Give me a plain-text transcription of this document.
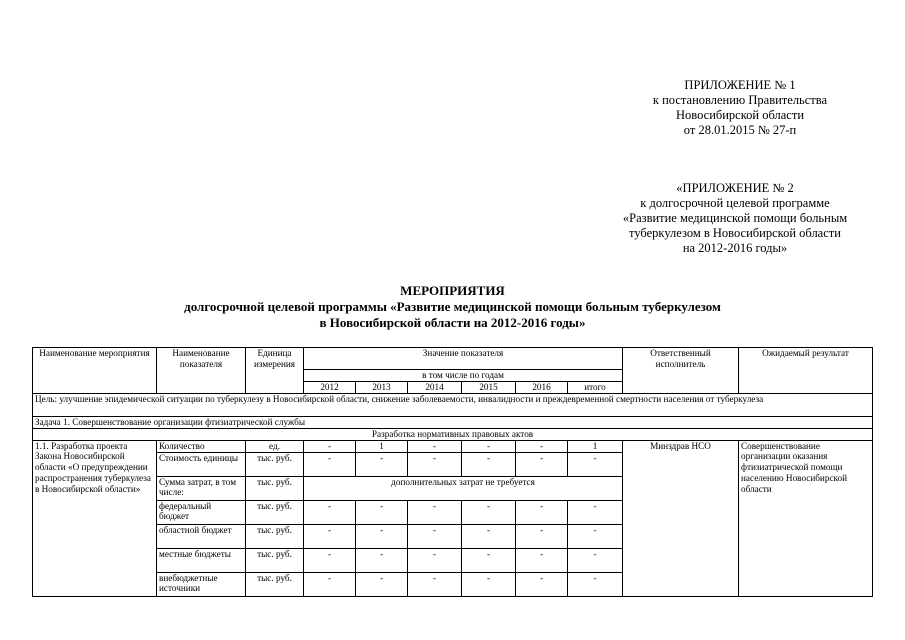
ПРИЛОЖЕНИЕ № 1
к постановлению Правительства
Новосибирской области
от 28.01.2015 № 27-п
«ПРИЛОЖЕНИЕ № 2
к долгосрочной целевой программе
«Развитие медицинской помощи больным
туберкулезом в Новосибирской области
на 2012-2016 годы»
МЕРОПРИЯТИЯ
долгосрочной целевой программы «Развитие медицинской помощи больным туберкулезом
в Новосибирской области на 2012-2016 годы»
Наименование мероприятия	Наименование показателя	Единица измерения	Значение показателя						Ответственный исполнитель	Ожидаемый результат
			в том числе по годам							
			2012	2013	2014	2015	2016	итого		
Цель: улучшение эпидемической ситуации по туберкулезу в Новосибирской области, снижение заболеваемости, инвалидности и преждевременной смертности населения от туберкулеза										
Задача 1. Совершенствование организации фтизиатрической службы										
Разработка нормативных правовых актов										
1.1. Разработка проекта Закона Новосибирской области «О предупреждении распространения туберкулеза в Новосибирской области»	Количество	ед.	-	1	-	-	-	1	Минздрав НСО	Совершенствование организации оказания фтизиатрической помощи населению Новосибирской области
	Стоимость единицы	тыс. руб.	-	-	-	-	-	-		
	Сумма затрат, в том числе:	тыс. руб.	дополнительных затрат не требуется							
	федеральный бюджет	тыс. руб.	-	-	-	-	-	-		
	областной бюджет	тыс. руб.	-	-	-	-	-	-		
	местные бюджеты	тыс. руб.	-	-	-	-	-	-		
	внебюджетные источники	тыс. руб.	-	-	-	-	-	-		
